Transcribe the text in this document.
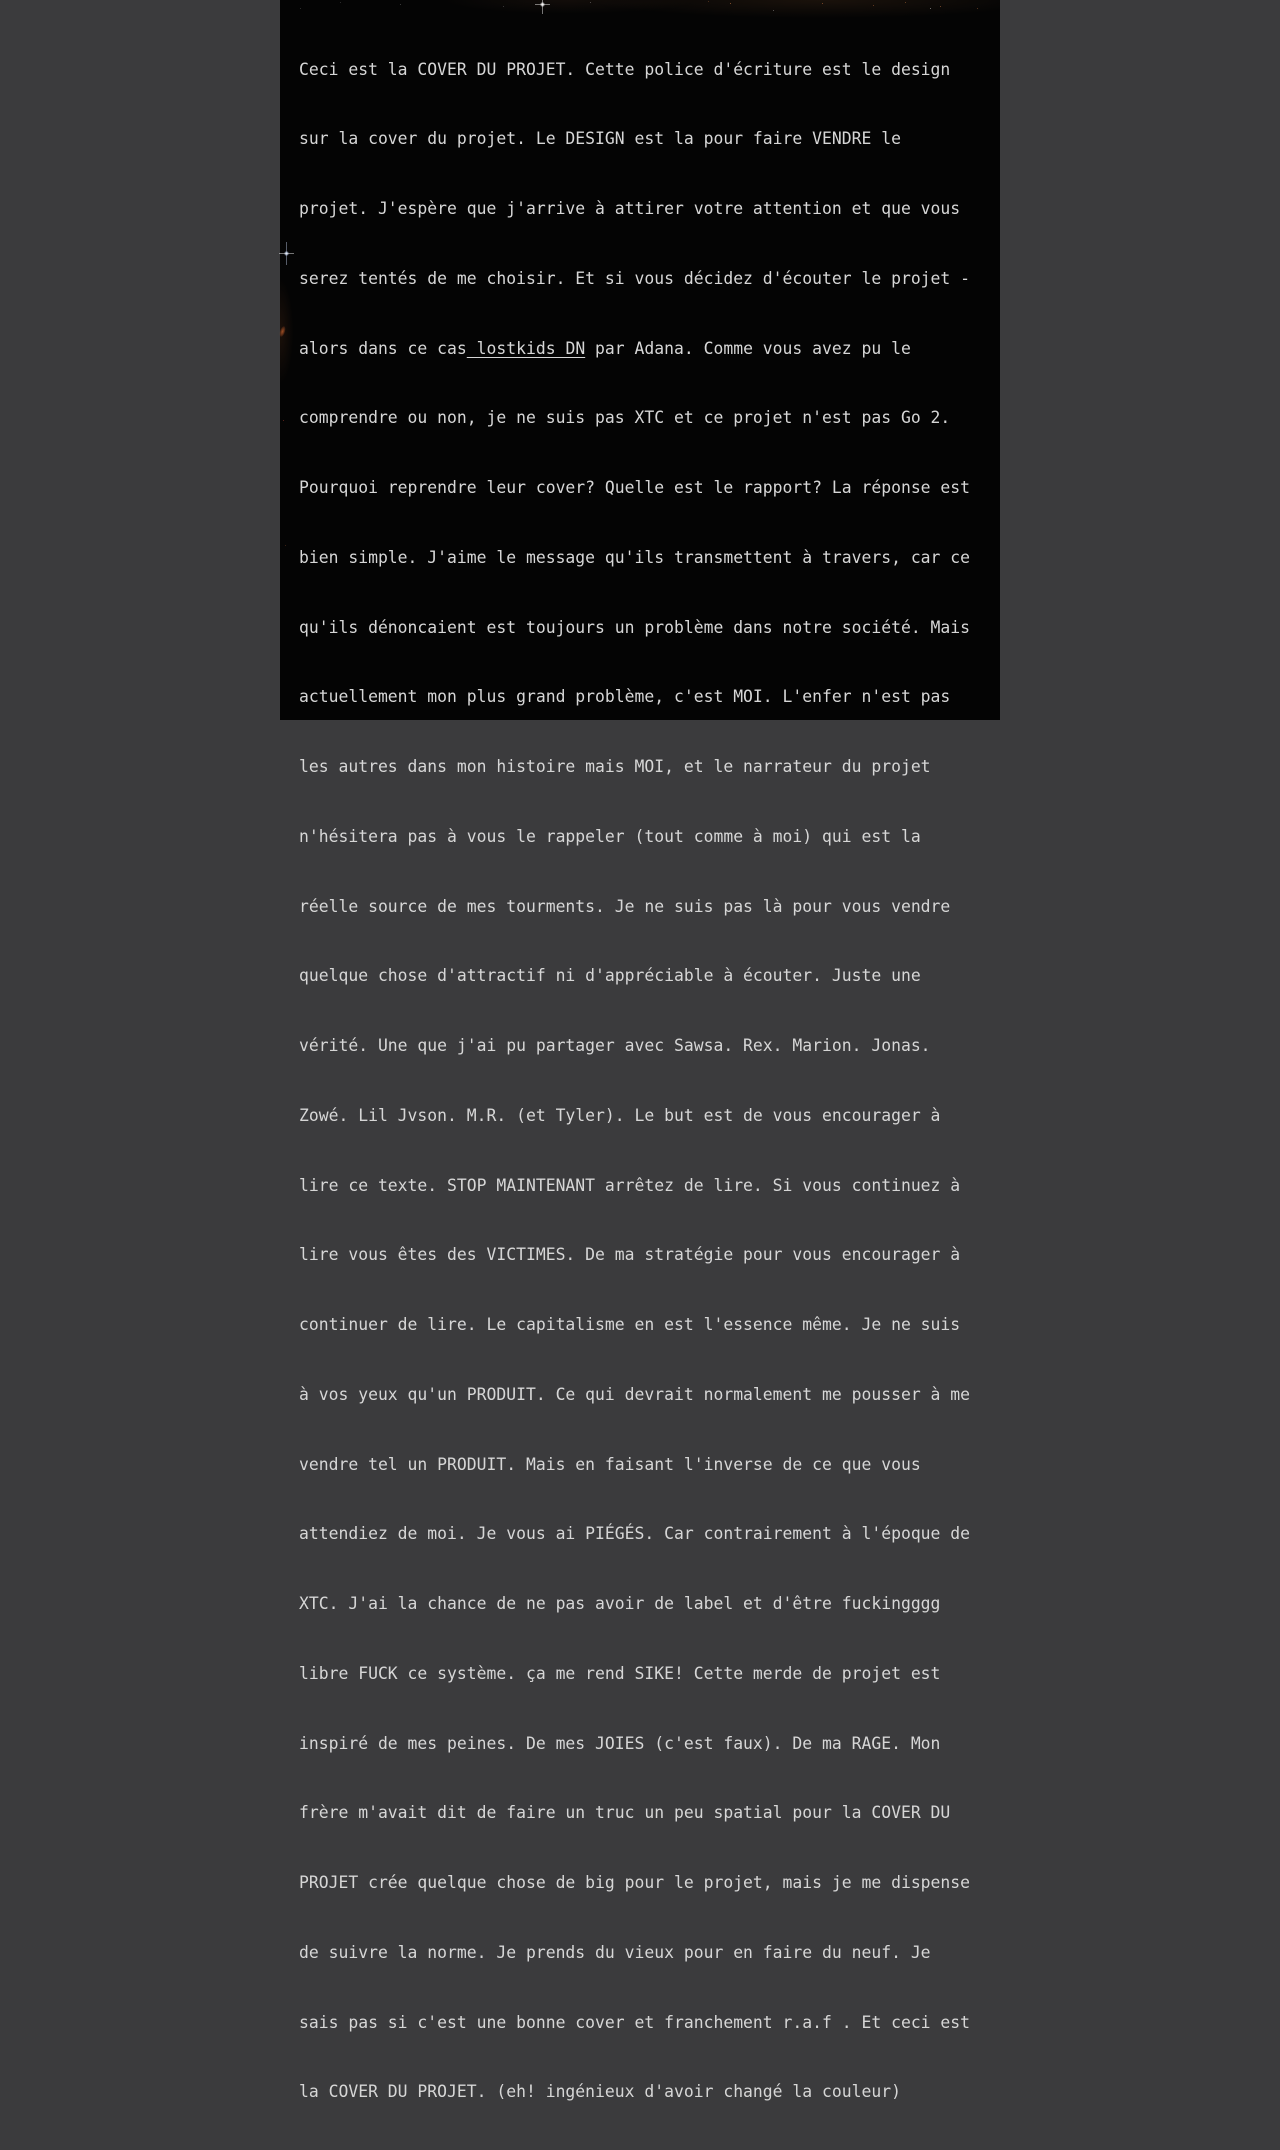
Ceci est la COVER DU PROJET. Cette police d'écriture est le design

sur la cover du projet. Le DESIGN est la pour faire VENDRE le

projet. J'espère que j'arrive à attirer votre attention et que vous

serez tentés de me choisir. Et si vous décidez d'écouter le projet -

alors dans ce cas lostkids DN par Adana. Comme vous avez pu le

comprendre ou non, je ne suis pas XTC et ce projet n'est pas Go 2.

Pourquoi reprendre leur cover? Quelle est le rapport? La réponse est

bien simple. J'aime le message qu'ils transmettent à travers, car ce

qu'ils dénoncaient est toujours un problème dans notre société. Mais

actuellement mon plus grand problème, c'est MOI. L'enfer n'est pas

les autres dans mon histoire mais MOI, et le narrateur du projet

n'hésitera pas à vous le rappeler (tout comme à moi) qui est la

réelle source de mes tourments. Je ne suis pas là pour vous vendre

quelque chose d'attractif ni d'appréciable à écouter. Juste une

vérité. Une que j'ai pu partager avec Sawsa. Rex. Marion. Jonas.

Zowé. Lil Jvson. M.R. (et Tyler). Le but est de vous encourager à

lire ce texte. STOP MAINTENANT arrêtez de lire. Si vous continuez à

lire vous êtes des VICTIMES. De ma stratégie pour vous encourager à

continuer de lire. Le capitalisme en est l'essence même. Je ne suis

à vos yeux qu'un PRODUIT. Ce qui devrait normalement me pousser à me

vendre tel un PRODUIT. Mais en faisant l'inverse de ce que vous

attendiez de moi. Je vous ai PIÉGÉS. Car contrairement à l'époque de

XTC. J'ai la chance de ne pas avoir de label et d'être fuckingggg

libre FUCK ce système. ça me rend SIKE! Cette merde de projet est

inspiré de mes peines. De mes JOIES (c'est faux). De ma RAGE. Mon

frère m'avait dit de faire un truc un peu spatial pour la COVER DU

PROJET crée quelque chose de big pour le projet, mais je me dispense

de suivre la norme. Je prends du vieux pour en faire du neuf. Je

sais pas si c'est une bonne cover et franchement r.a.f . Et ceci est

la COVER DU PROJET. (eh! ingénieux d'avoir changé la couleur)
